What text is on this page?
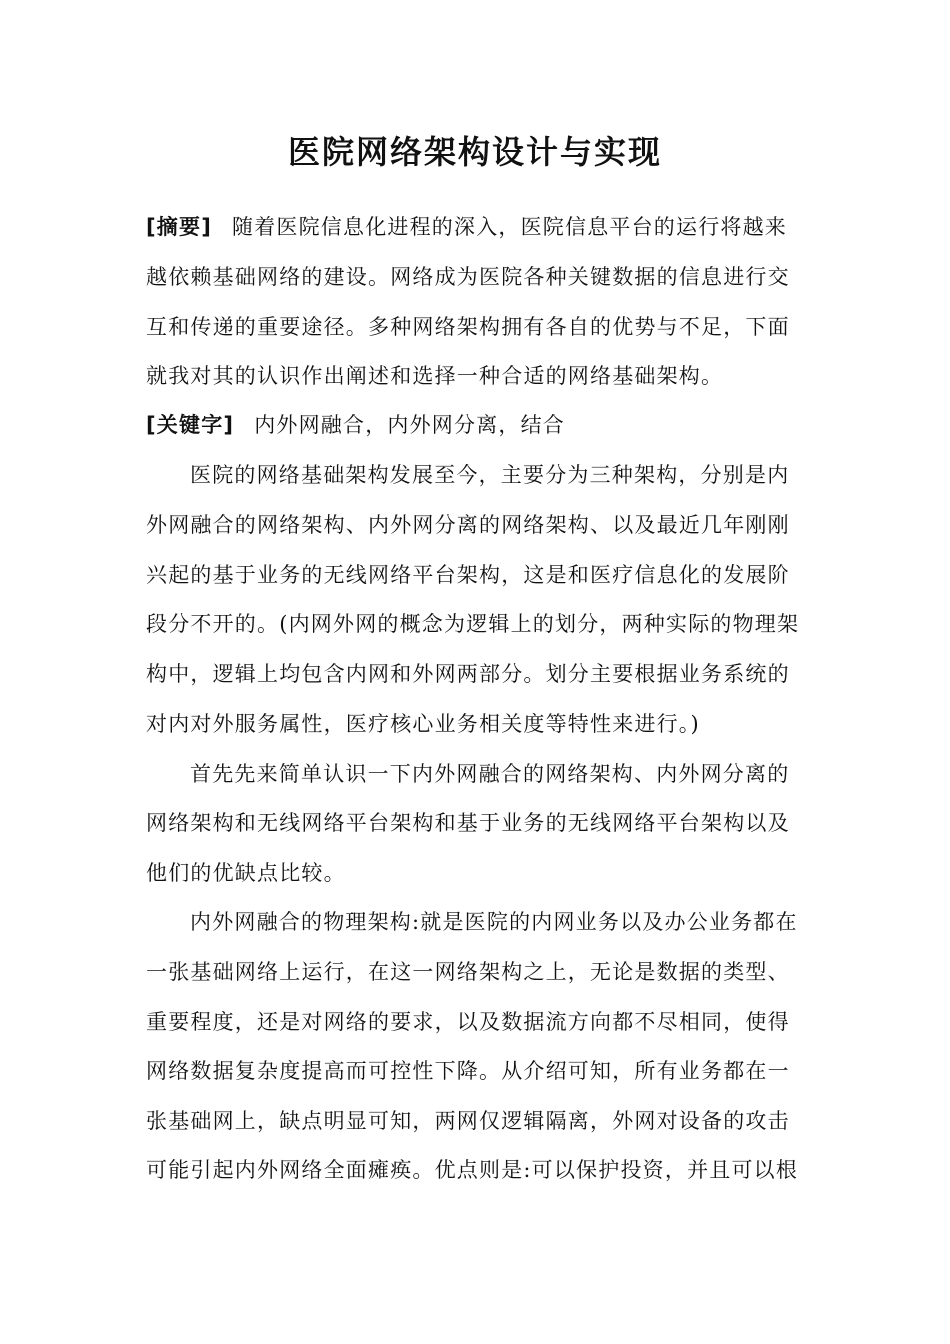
医院网络架构设计与实现
[摘要] 随着医院信息化进程的深入，医院信息平台的运行将越来
越依赖基础网络的建设。网络成为医院各种关键数据的信息进行交
互和传递的重要途径。多种网络架构拥有各自的优势与不足，下面
就我对其的认识作出阐述和选择一种合适的网络基础架构。
[关键字] 内外网融合，内外网分离，结合
医院的网络基础架构发展至今，主要分为三种架构，分别是内
外网融合的网络架构、内外网分离的网络架构、以及最近几年刚刚
兴起的基于业务的无线网络平台架构，这是和医疗信息化的发展阶
段分不开的。(内网外网的概念为逻辑上的划分，两种实际的物理架
构中，逻辑上均包含内网和外网两部分。划分主要根据业务系统的
对内对外服务属性，医疗核心业务相关度等特性来进行。)
首先先来简单认识一下内外网融合的网络架构、内外网分离的
网络架构和无线网络平台架构和基于业务的无线网络平台架构以及
他们的优缺点比较。
内外网融合的物理架构:就是医院的内网业务以及办公业务都在
一张基础网络上运行，在这一网络架构之上，无论是数据的类型、
重要程度，还是对网络的要求，以及数据流方向都不尽相同，使得
网络数据复杂度提高而可控性下降。从介绍可知，所有业务都在一
张基础网上，缺点明显可知，两网仅逻辑隔离，外网对设备的攻击
可能引起内外网络全面瘫痪。优点则是:可以保护投资，并且可以根
